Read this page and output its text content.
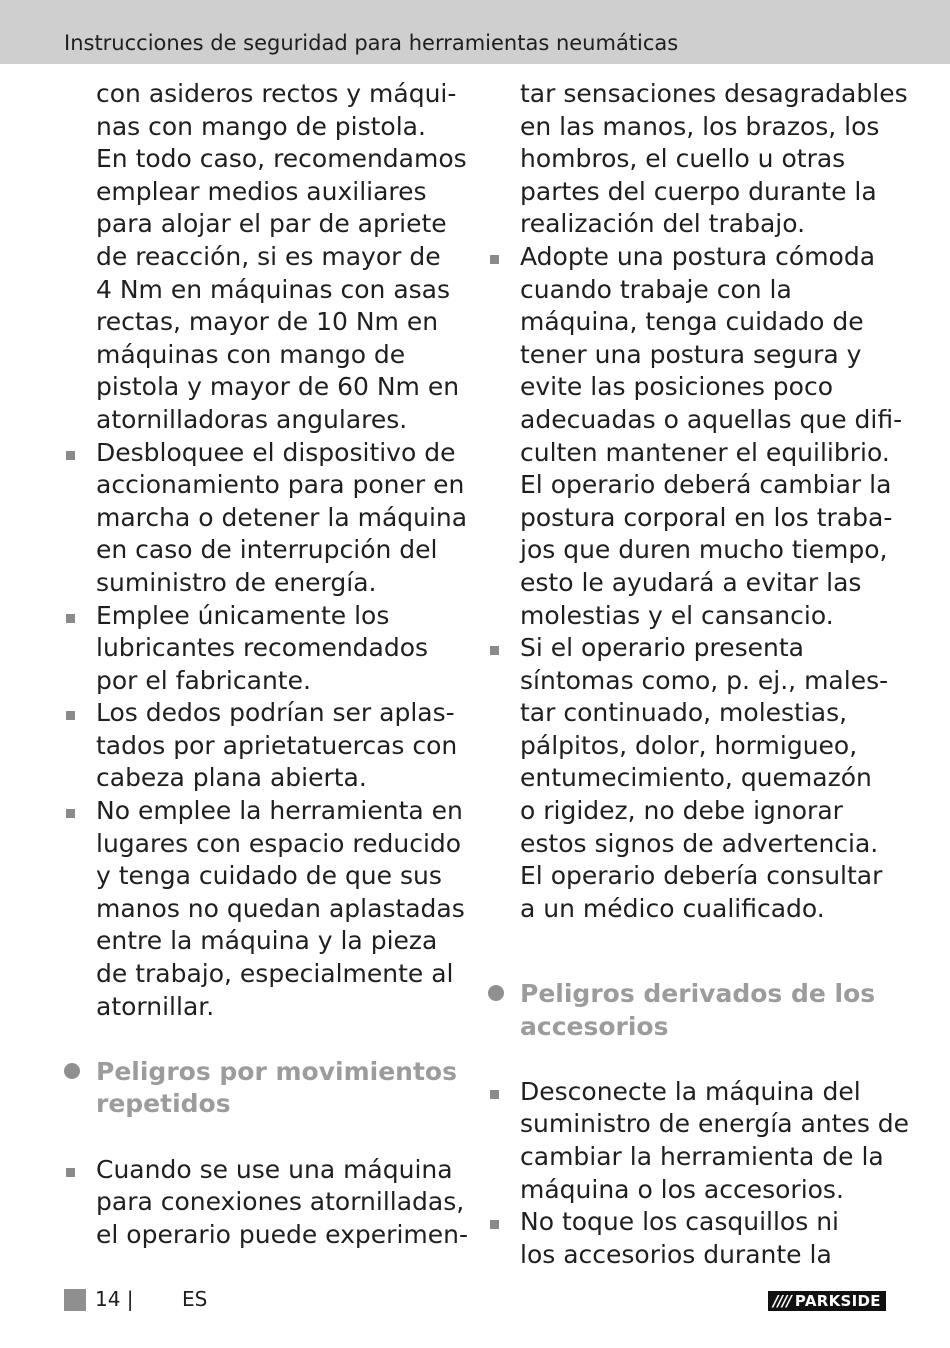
Instrucciones de seguridad para herramientas neumáticas
con asideros rectos y máqui-
nas con mango de pistola.
En todo caso, recomendamos
emplear medios auxiliares
para alojar el par de apriete
de reacción, si es mayor de
4 Nm en máquinas con asas
rectas, mayor de 10 Nm en
máquinas con mango de
pistola y mayor de 60 Nm en
atornilladoras angulares.
Desbloquee el dispositivo de
accionamiento para poner en
marcha o detener la máquina
en caso de interrupción del
suministro de energía.
Emplee únicamente los
lubricantes recomendados
por el fabricante.
Los dedos podrían ser aplas-
tados por aprietatuercas con
cabeza plana abierta.
No emplee la herramienta en
lugares con espacio reducido
y tenga cuidado de que sus
manos no quedan aplastadas
entre la máquina y la pieza
de trabajo, especialmente al
atornillar.
Peligros por movimientos
repetidos
Cuando se use una máquina
para conexiones atornilladas,
el operario puede experimen-
tar sensaciones desagradables
en las manos, los brazos, los
hombros, el cuello u otras
partes del cuerpo durante la
realización del trabajo.
Adopte una postura cómoda
cuando trabaje con la
máquina, tenga cuidado de
tener una postura segura y
evite las posiciones poco
adecuadas o aquellas que difi-
culten mantener el equilibrio.
El operario deberá cambiar la
postura corporal en los traba-
jos que duren mucho tiempo,
esto le ayudará a evitar las
molestias y el cansancio.
Si el operario presenta
síntomas como, p. ej., males-
tar continuado, molestias,
pálpitos, dolor, hormigueo,
entumecimiento, quemazón
o rigidez, no debe ignorar
estos signos de advertencia.
El operario debería consultar
a un médico cualificado.
Peligros derivados de los
accesorios
Desconecte la máquina del
suministro de energía antes de
cambiar la herramienta de la
máquina o los accesorios.
No toque los casquillos ni
los accesorios durante la
14 | ES	//// PARKSIDE
